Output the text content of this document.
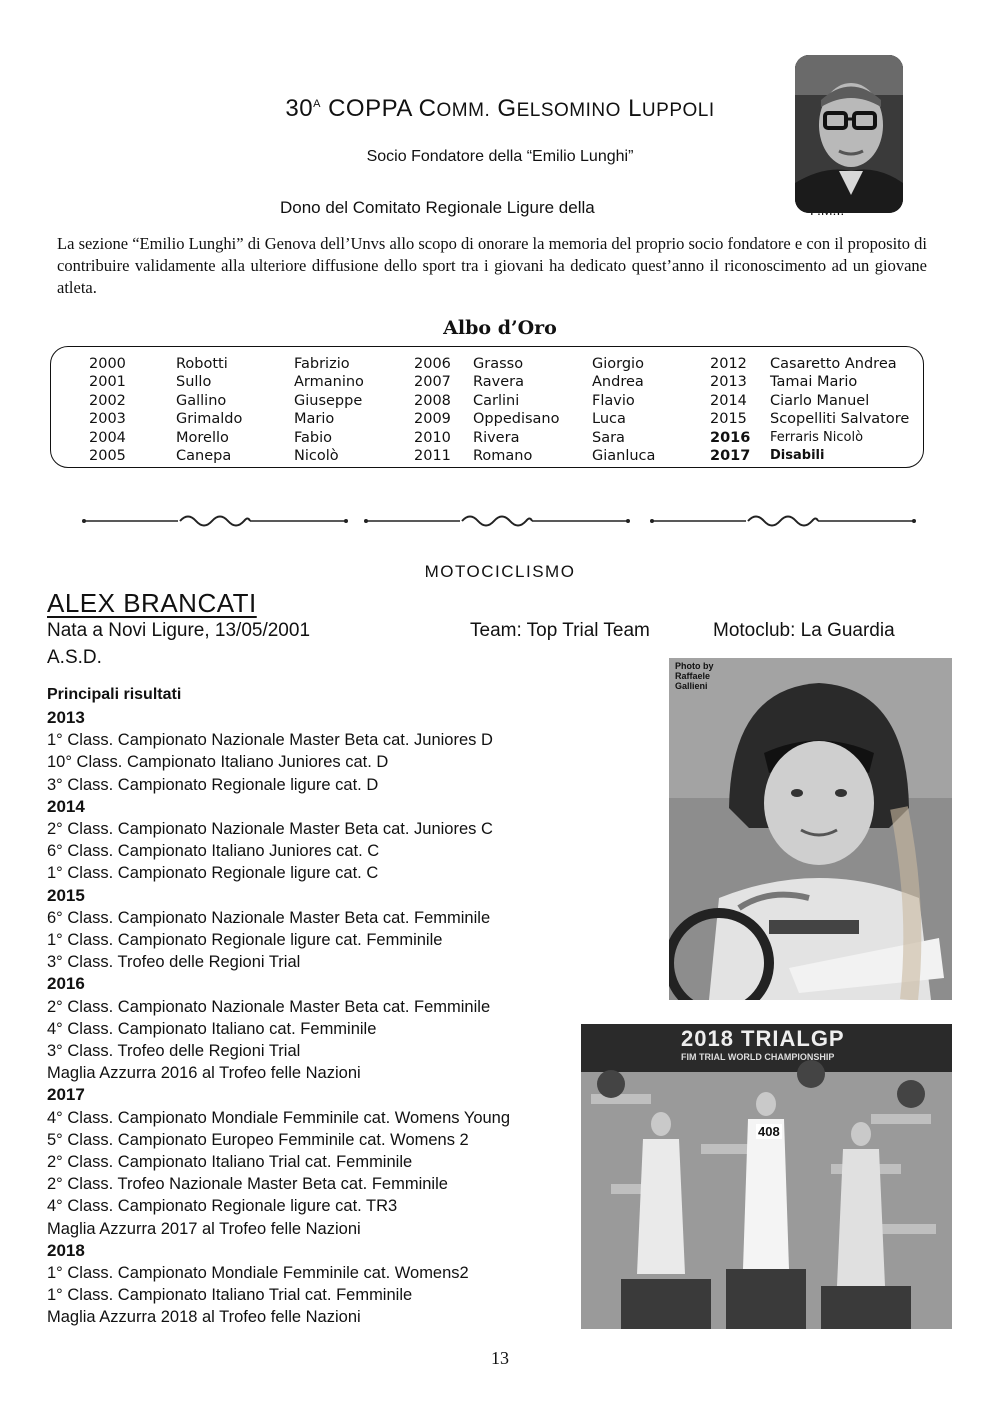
$30^A$ COPPA COMM. GELSOMINO LUPPOLI
Socio Fondatore della “Emilio Lunghi”
Dono del Comitato Regionale Ligure della
La sezione “Emilio Lunghi” di Genova dell’Unvs allo scopo di onorare la memoria del proprio socio fondatore e con il proposito di contribuire validamente alla ulteriore diffusione dello sport tra i giovani ha dedicato quest’anno il riconoscimento ad un giovane atleta.
Albo d’Oro
2000	Robotti	Fabrizio	2006 Grasso	Giorgio	2012 Casaretto Andrea
2001	Sullo	Armanino	2007 Ravera	Andrea	2013 Tamai Mario
2002	Gallino	Giuseppe	2008 Carlini	Flavio	2014 Ciarlo Manuel
2003	Grimaldo	Mario	2009 Oppedisano Luca	2015 Scopelliti Salvatore
2004	Morello	Fabio	2010 Rivera	Sara	2016 Ferraris Nicolò
2005	Canepa	Nicolò	2011 Romano	Gianluca	2017 Disabili
MOTOCICLISMO
ALEX BRANCATI
Nata a Novi Ligure, 13/05/2001	Team: Top Trial Team	Motoclub: La Guardia
A.S.D.	Photo by Raffaele Gallieni
2018 TRIALGP
FIM TRIAL WORLD CHAMPIONSHIP
408
Principali risultati
2013
1° Class. Campionato Nazionale Master Beta cat. Juniores D
10° Class. Campionato Italiano Juniores cat. D
3° Class. Campionato Regionale ligure cat. D
2014
2° Class. Campionato Nazionale Master Beta cat. Juniores C
6° Class. Campionato Italiano Juniores cat. C
1° Class. Campionato Regionale ligure cat. C
2015
6° Class. Campionato Nazionale Master Beta cat. Femminile
1° Class. Campionato Regionale ligure cat. Femminile
3° Class. Trofeo delle Regioni Trial
2016
2° Class. Campionato Nazionale Master Beta cat. Femminile
4° Class. Campionato Italiano cat. Femminile
3° Class. Trofeo delle Regioni Trial
Maglia Azzurra 2016 al Trofeo felle Nazioni
2017
4° Class. Campionato Mondiale Femminile cat. Womens Young
5° Class. Campionato Europeo Femminile cat. Womens 2
2° Class. Campionato Italiano Trial cat. Femminile
2° Class. Trofeo Nazionale Master Beta cat. Femminile
4° Class. Campionato Regionale ligure cat. TR3
Maglia Azzurra 2017 al Trofeo felle Nazioni
2018
1° Class. Campionato Mondiale Femminile cat. Womens2
1° Class. Campionato Italiano Trial cat. Femminile
Maglia Azzurra 2018 al Trofeo felle Nazioni
13
